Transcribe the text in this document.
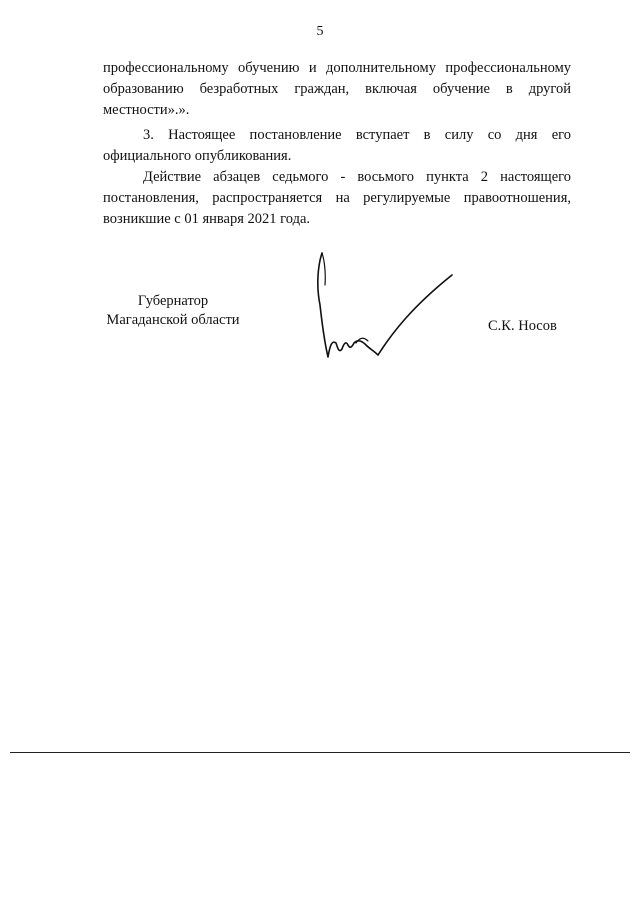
5
профессиональному обучению и дополнительному профессиональному
образованию безработных граждан, включая обучение в другой
местности».».
3. Настоящее постановление вступает в силу со дня его
официального опубликования.
Действие абзацев седьмого - восьмого пункта 2 настоящего
постановления, распространяется на регулируемые правоотношения,
возникшие с 01 января 2021 года.
Губернатор
Магаданской области	С.К. Носов
